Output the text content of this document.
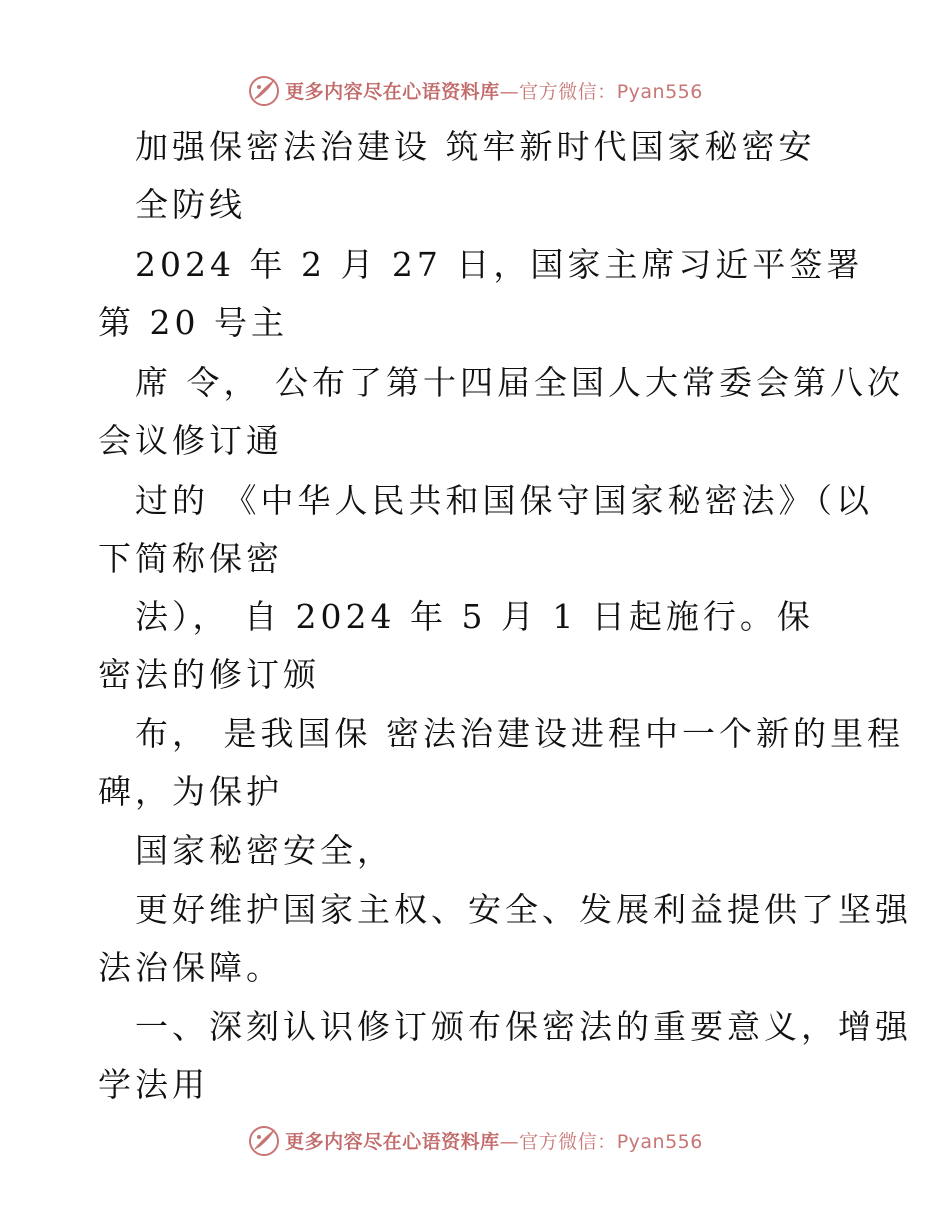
更多内容尽在心语资料库—官方微信：Pyan556
加强保密法治建设 筑牢新时代国家秘密安
全防线
2024 年 2 月 27 日，国家主席习近平签署
第 20 号主
席 令， 公布了第十四届全国人大常委会第八次
会议修订通
过的 《中华人民共和国保守国家秘密法》（以
下简称保密
法）， 自 2024 年 5 月 1 日起施行。保
密法的修订颁
布， 是我国保 密法治建设进程中一个新的里程
碑，为保护
国家秘密安全，
更好维护国家主权、安全、发展利益提供了坚强
法治保障。
一、深刻认识修订颁布保密法的重要意义，增强
学法用
更多内容尽在心语资料库—官方微信：Pyan556
